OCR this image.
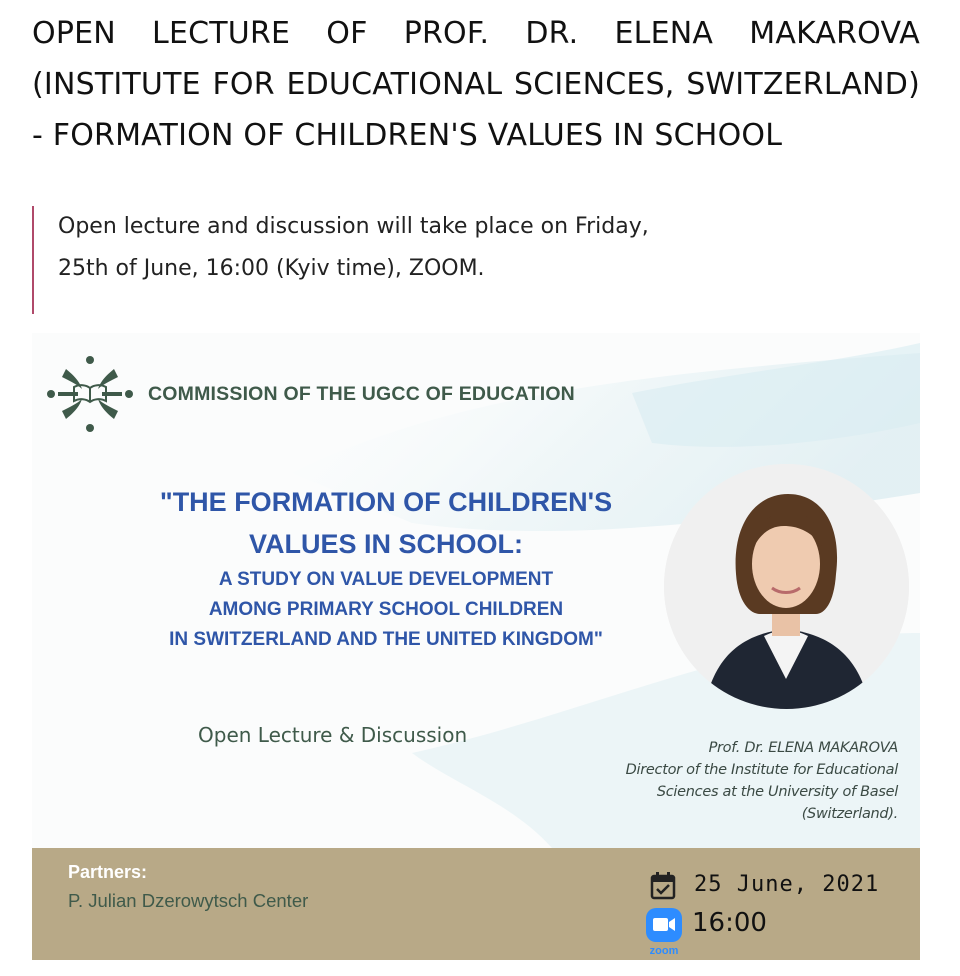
OPEN LECTURE OF PROF. DR. ELENA MAKAROVA
(INSTITUTE FOR EDUCATIONAL SCIENCES, SWITZERLAND)
- FORMATION OF CHILDREN'S VALUES IN SCHOOL
Open lecture and discussion will take place on Friday,
25th of June, 16:00 (Kyiv time), ZOOM.
COMMISSION OF THE UGCC OF EDUCATION
"THE FORMATION OF CHILDREN'S
VALUES IN SCHOOL:
A STUDY ON VALUE DEVELOPMENT
AMONG PRIMARY SCHOOL CHILDREN
IN SWITZERLAND AND THE UNITED KINGDOM"
Open Lecture & Discussion
Prof. Dr. ELENA MAKAROVA
Director of the Institute for Educational
Sciences at the University of Basel
(Switzerland).
Partners:
P. Julian Dzerowytsch Center
25 June, 2021
zoom
16:00
